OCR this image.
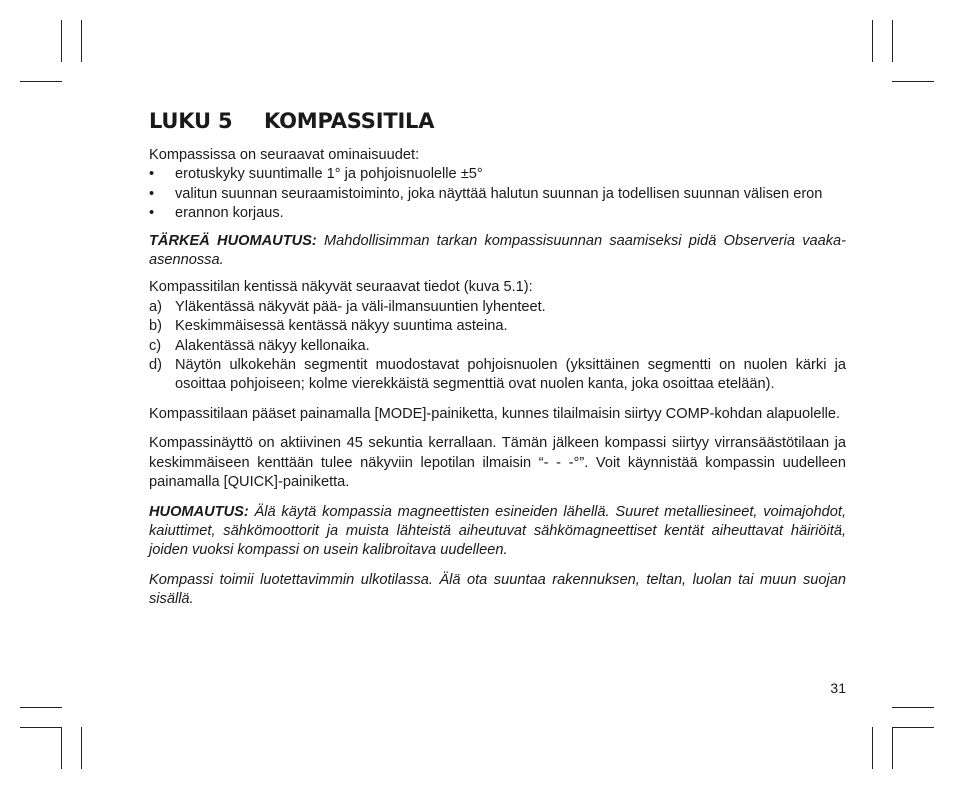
LUKU 5 KOMPASSITILA

Kompassissa on seuraavat ominaisuudet:

• erotuskyky suuntimalle 1° ja pohjoisnuolelle ±5°
• valitun suunnan seuraamistoiminto, joka näyttää halutun suunnan ja todellisen suunnan välisen eron
• erannon korjaus.

TÄRKEÄ HUOMAUTUS: Mahdollisimman tarkan kompassisuunnan saamiseksi pidä Observeria vaaka-asennossa.

Kompassitilan kentissä näkyvät seuraavat tiedot (kuva 5.1):

a) Yläkentässä näkyvät pää- ja väli-ilmansuuntien lyhenteet.
b) Keskimmäisessä kentässä näkyy suuntima asteina.
c) Alakentässä näkyy kellonaika.
d) Näytön ulkokehän segmentit muodostavat pohjoisnuolen (yksittäinen segmentti on nuolen kärki ja osoittaa pohjoiseen; kolme vierekkäistä segmenttiä ovat nuolen kanta, joka osoittaa etelään).

Kompassitilaan pääset painamalla [MODE]-painiketta, kunnes tilailmaisin siirtyy COMP-kohdan alapuolelle.

Kompassinäyttö on aktiivinen 45 sekuntia kerrallaan. Tämän jälkeen kompassi siirtyy virransäästötilaan ja keskimmäiseen kenttään tulee näkyviin lepotilan ilmaisin “- - -°”. Voit käynnistää kompassin uudelleen painamalla [QUICK]-painiketta.

HUOMAUTUS: Älä käytä kompassia magneettisten esineiden lähellä. Suuret metalliesineet, voimajohdot, kaiuttimet, sähkömoottorit ja muista lähteistä aiheutuvat sähkömagneettiset kentät aiheuttavat häiriöitä, joiden vuoksi kompassi on usein kalibroitava uudelleen.

Kompassi toimii luotettavimmin ulkotilassa. Älä ota suuntaa rakennuksen, teltan, luolan tai muun suojan sisällä.

31
